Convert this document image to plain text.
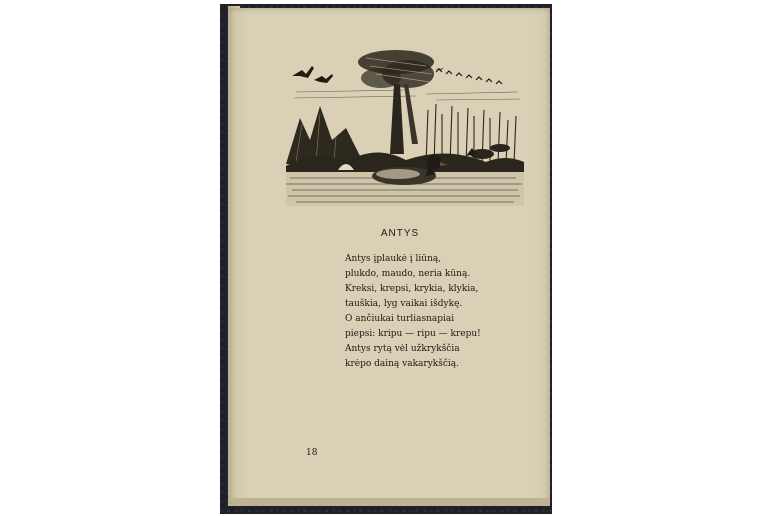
ANTYS
Antys įplaukė į liūną,
plukdo, maudo, neria kūną.
Kreksi, krepsi, krykia, klykia,
tauškia, lyg vaikai išdykę.
O ančiukai turliasnapiai
piepsi: kripu — ripu — krepu!
Antys rytą vėl užkrykščia
krėpo dainą vakarykščią.
18
